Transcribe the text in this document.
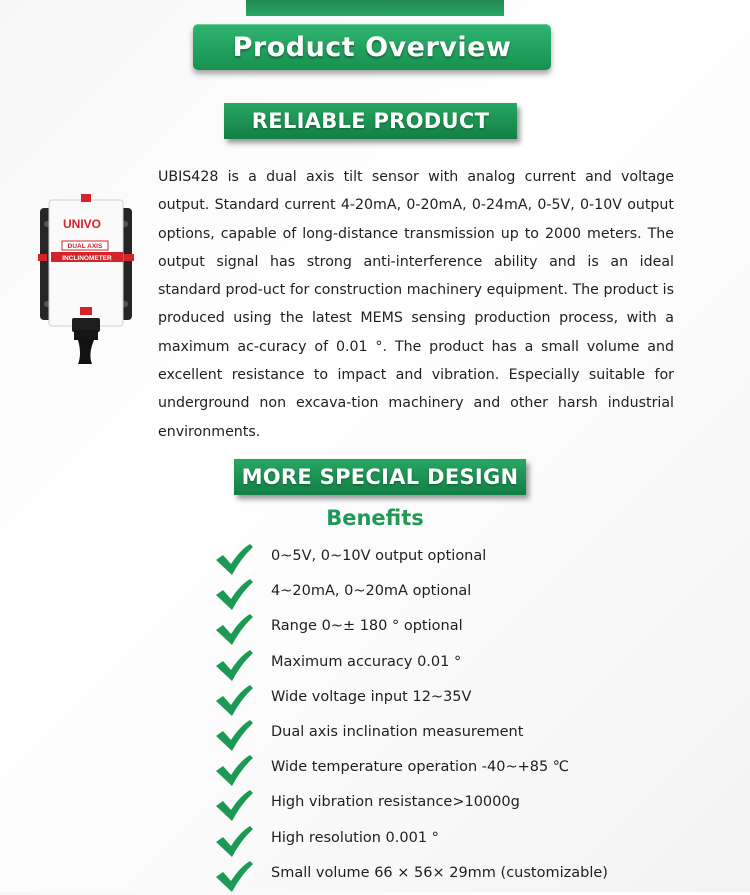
Product Overview
RELIABLE PRODUCT
UNIVO
DUAL AXIS
INCLINOMETER

UBIS428 is a dual axis tilt sensor with analog current and voltage output. Standard current 4-20mA, 0-20mA, 0-24mA, 0-5V, 0-10V output options, capable of long-distance transmission up to 2000 meters. The output signal has strong anti-interference ability and is an ideal standard prod-uct for construction machinery equipment. The product is produced using the latest MEMS sensing production process, with a maximum ac-curacy of 0.01 °. The product has a small volume and excellent resistance to impact and vibration. Especially suitable for underground non excava-tion machinery and other harsh industrial environments.

MORE SPECIAL DESIGN
Benefits
0~5V, 0~10V output optional
4~20mA, 0~20mA optional
Range 0~± 180 ° optional
Maximum accuracy 0.01 °
Wide voltage input 12~35V
Dual axis inclination measurement
Wide temperature operation -40~+85 ℃
High vibration resistance>10000g
High resolution 0.001 °
Small volume 66 × 56× 29mm (customizable)
